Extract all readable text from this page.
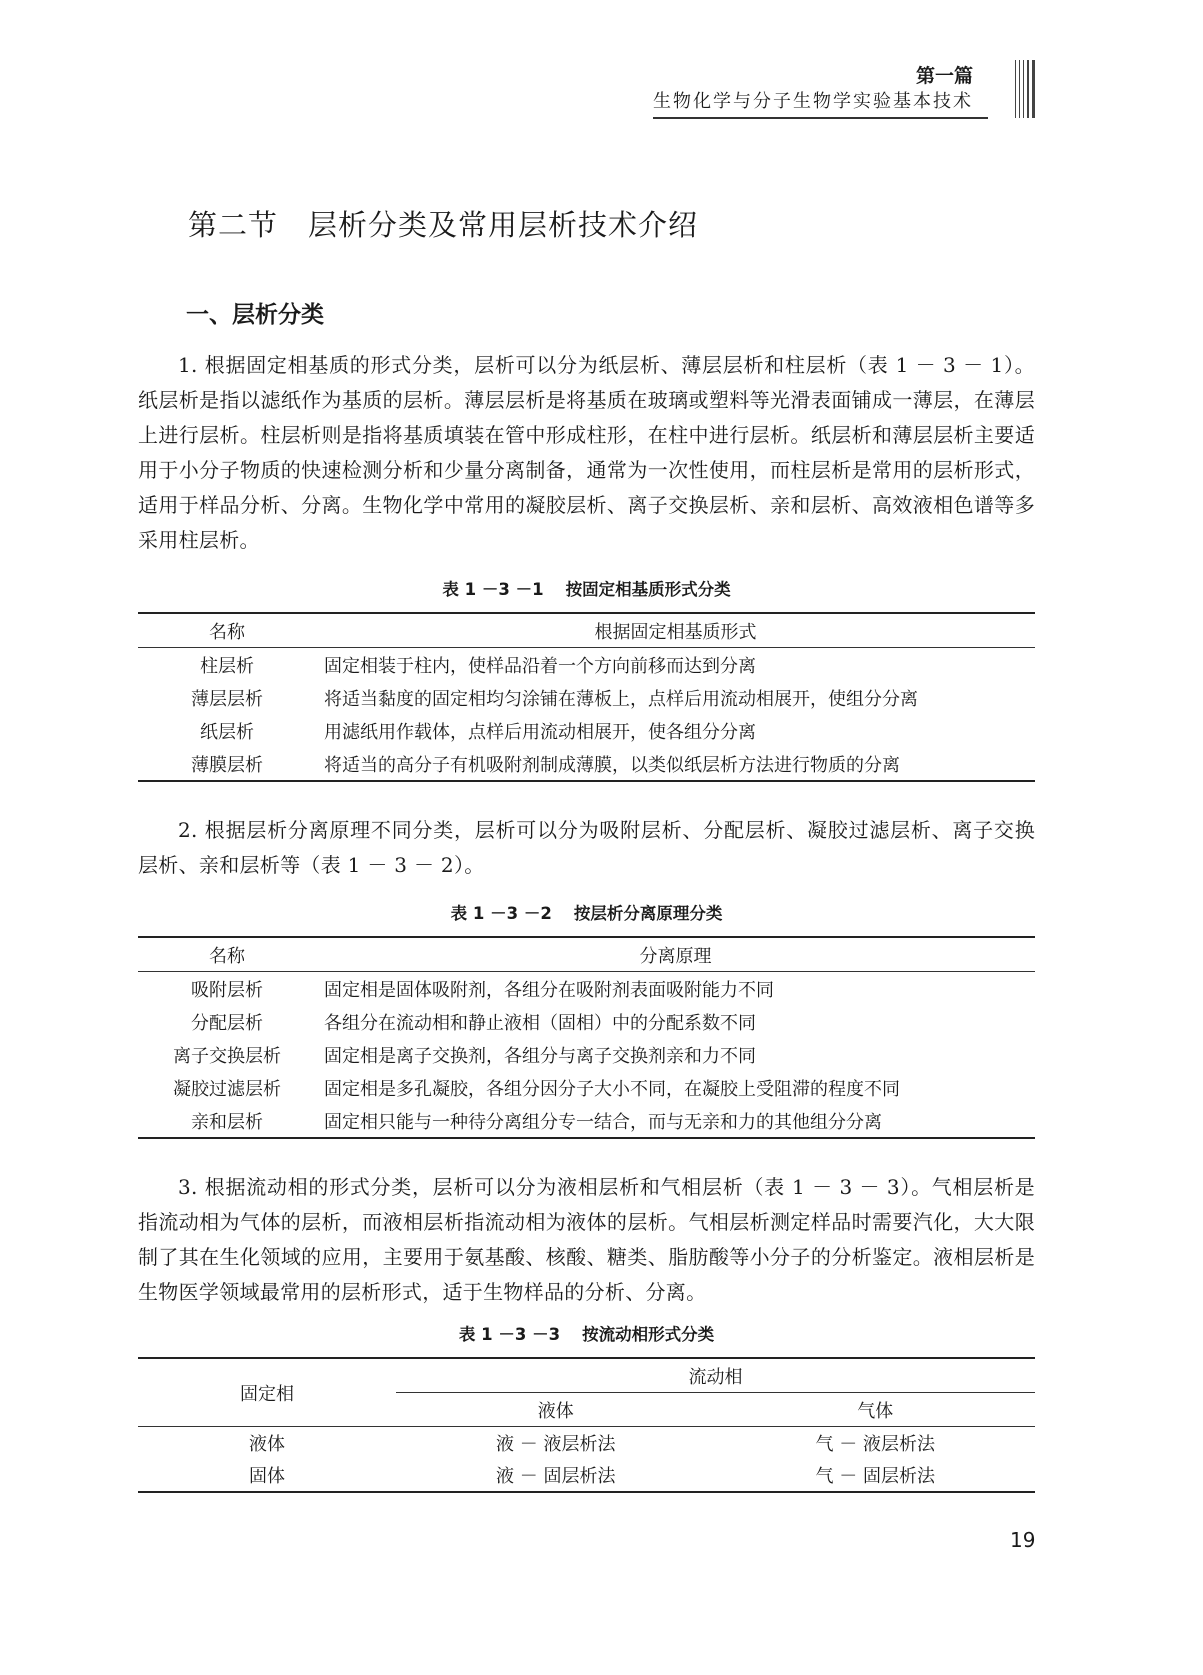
第一篇
生物化学与分子生物学实验基本技术
第二节 层析分类及常用层析技术介绍
一、层析分类

1. 根据固定相基质的形式分类，层析可以分为纸层析、薄层层析和柱层析（表 1 － 3 － 1）。纸层析是指以滤纸作为基质的层析。薄层层析是将基质在玻璃或塑料等光滑表面铺成一薄层，在薄层上进行层析。柱层析则是指将基质填装在管中形成柱形，在柱中进行层析。纸层析和薄层层析主要适用于小分子物质的快速检测分析和少量分离制备，通常为一次性使用，而柱层析是常用的层析形式，适用于样品分析、分离。生物化学中常用的凝胶层析、离子交换层析、亲和层析、高效液相色谱等多采用柱层析。

表 1 －3 －1 按固定相基质形式分类
名称	根据固定相基质形式
柱层析	固定相装于柱内，使样品沿着一个方向前移而达到分离
薄层层析	将适当黏度的固定相均匀涂铺在薄板上，点样后用流动相展开，使组分分离
纸层析	用滤纸用作载体，点样后用流动相展开，使各组分分离
薄膜层析	将适当的高分子有机吸附剂制成薄膜，以类似纸层析方法进行物质的分离

2. 根据层析分离原理不同分类，层析可以分为吸附层析、分配层析、凝胶过滤层析、离子交换层析、亲和层析等（表 1 － 3 － 2）。

表 1 －3 －2 按层析分离原理分类
名称	分离原理
吸附层析	固定相是固体吸附剂，各组分在吸附剂表面吸附能力不同
分配层析	各组分在流动相和静止液相（固相）中的分配系数不同
离子交换层析	固定相是离子交换剂，各组分与离子交换剂亲和力不同
凝胶过滤层析	固定相是多孔凝胶，各组分因分子大小不同，在凝胶上受阻滞的程度不同
亲和层析	固定相只能与一种待分离组分专一结合，而与无亲和力的其他组分分离

3. 根据流动相的形式分类，层析可以分为液相层析和气相层析（表 1 － 3 － 3）。气相层析是指流动相为气体的层析，而液相层析指流动相为液体的层析。气相层析测定样品时需要汽化，大大限制了其在生化领域的应用，主要用于氨基酸、核酸、糖类、脂肪酸等小分子的分析鉴定。液相层析是生物医学领域最常用的层析形式，适于生物样品的分析、分离。

表 1 －3 －3 按流动相形式分类
固定相	流动相	
	液体	气体
液体	液 － 液层析法	气 － 液层析法
固体	液 － 固层析法	气 － 固层析法
19
